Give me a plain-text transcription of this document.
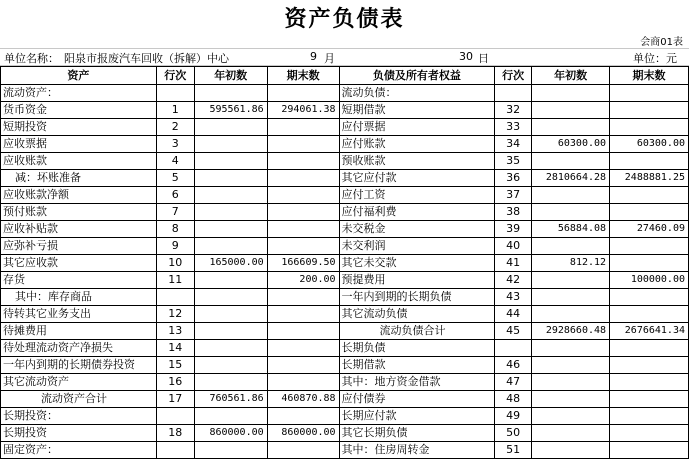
资产负债表
会商01表
单位名称： 阳泉市报废汽车回收（拆解）中心	9 月	30 日	单位：元
资产	行次	年初数	期末数	负债及所有者权益	行次	年初数	期末数
流动资产：				流动负债：			
货币资金	1	595561.86	294061.38	短期借款	32		
短期投资	2			应付票据	33		
应收票据	3			应付账款	34	60300.00	60300.00
应收账款	4			预收账款	35		
减：坏账准备	5			其它应付款	36	2810664.28	2488881.25
应收账款净额	6			应付工资	37		
预付账款	7			应付福利费	38		
应收补贴款	8			未交税金	39	56884.08	27460.09
应弥补亏损	9			未交利润	40		
其它应收款	10	165000.00	166609.50	其它未交款	41	812.12	
存货	11		200.00	预提费用	42		100000.00
其中：库存商品				一年内到期的长期负债	43		
待转其它业务支出	12			其它流动负债	44		
待摊费用	13			流动负债合计	45	2928660.48	2676641.34
待处理流动资产净损失	14			长期负债			
一年内到期的长期债券投资	15			长期借款	46		
其它流动资产	16			其中：地方资金借款	47		
流动资产合计	17	760561.86	460870.88	应付债券	48		
长期投资：				长期应付款	49		
长期投资	18	860000.00	860000.00	其它长期负债	50		
固定资产：				其中：住房周转金	51		
